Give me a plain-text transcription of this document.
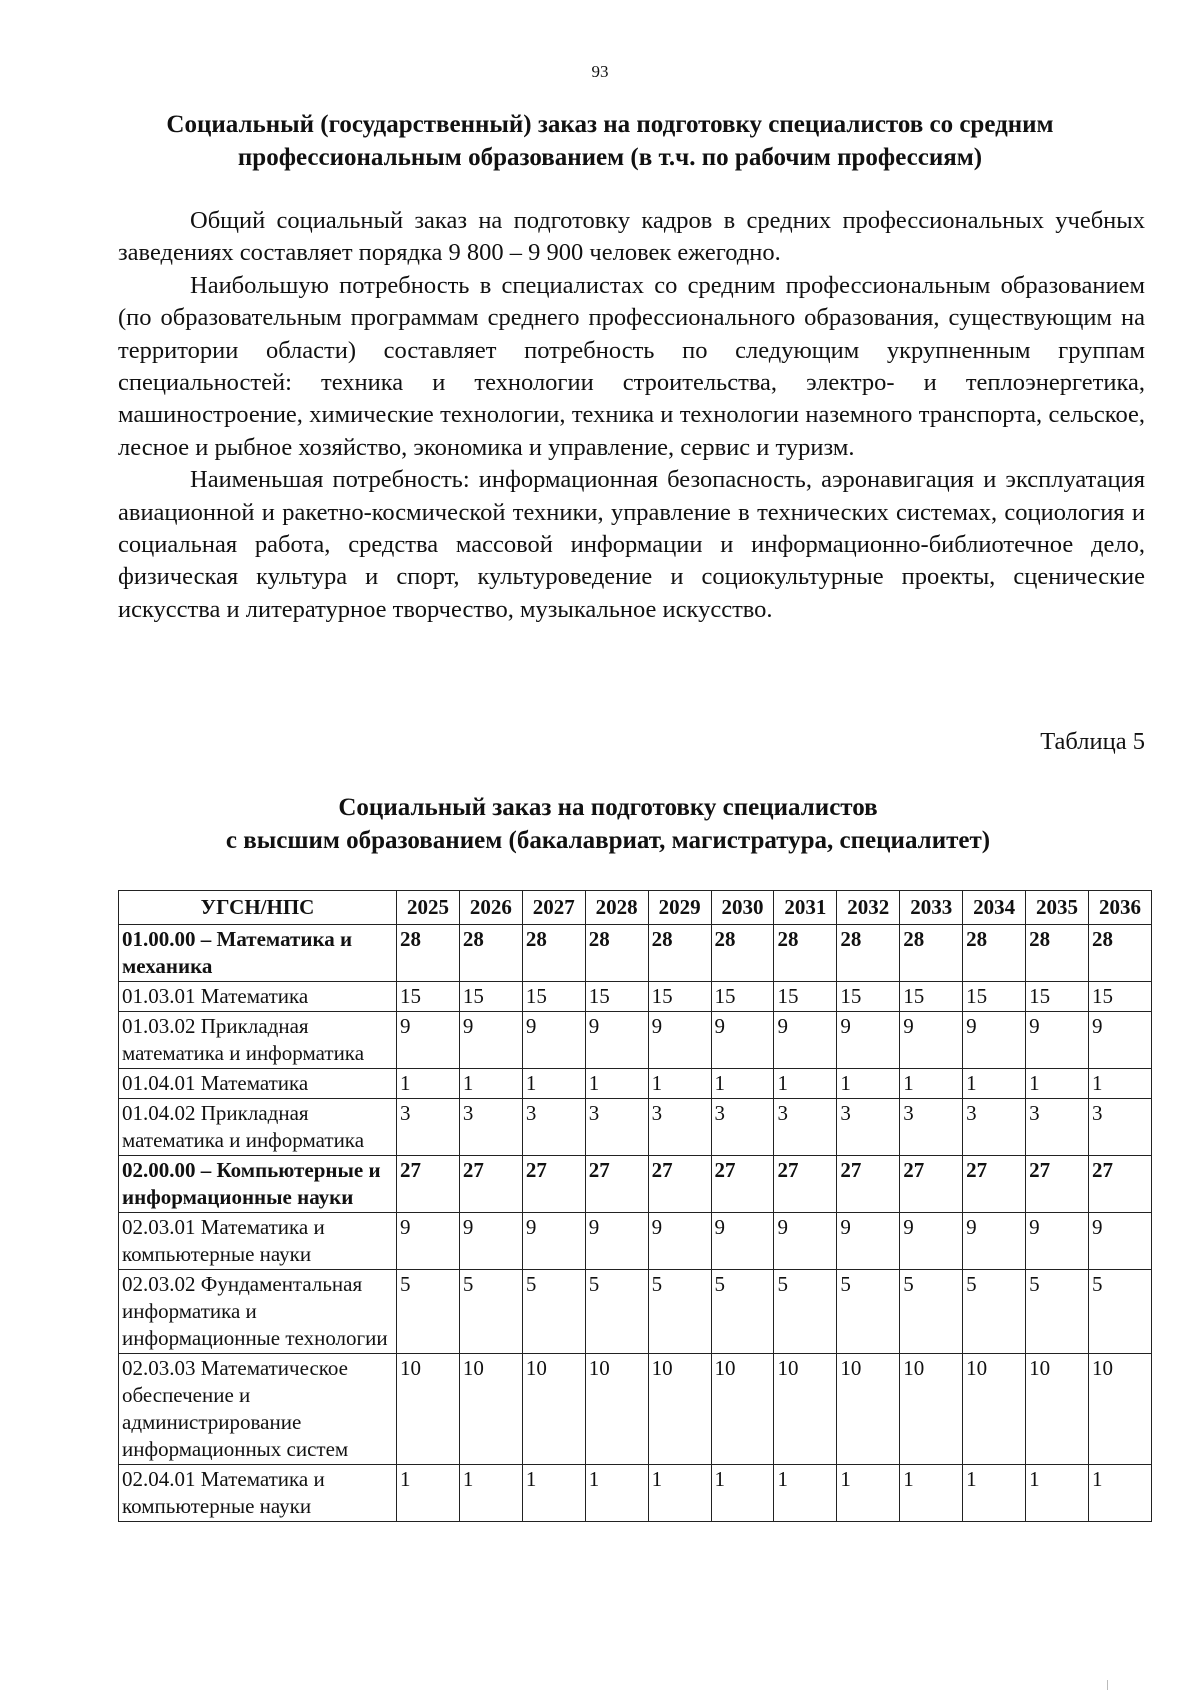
93
Социальный (государственный) заказ на подготовку специалистов со средним
профессиональным образованием (в т.ч. по рабочим профессиям)

Общий социальный заказ на подготовку кадров в средних профессиональных учебных заведениях составляет порядка 9 800 – 9 900 человек ежегодно.

Наибольшую потребность в специалистах со средним профессиональным образованием (по образовательным программам среднего профессионального образования, существующим на территории области) составляет потребность по следующим укрупненным группам специальностей: техника и технологии строительства, электро- и теплоэнергетика, машиностроение, химические технологии, техника и технологии наземного транспорта, сельское, лесное и рыбное хозяйство, экономика и управление, сервис и туризм.

Наименьшая потребность: информационная безопасность, аэронавигация и эксплуатация авиационной и ракетно-космической техники, управление в технических системах, социология и социальная работа, средства массовой информации и информационно-библиотечное дело, физическая культура и спорт, культуроведение и социокультурные проекты, сценические искусства и литературное творчество, музыкальное искусство.

Таблица 5
Социальный заказ на подготовку специалистов
с высшим образованием (бакалавриат, магистратура, специалитет)
УГСН/НПС	2025	2026	2027	2028	2029	2030	2031	2032	2033	2034	2035	2036
01.00.00 – Математика и механика	28	28	28	28	28	28	28	28	28	28	28	28
01.03.01 Математика	15	15	15	15	15	15	15	15	15	15	15	15
01.03.02 Прикладная математика и информатика	9	9	9	9	9	9	9	9	9	9	9	9
01.04.01 Математика	1	1	1	1	1	1	1	1	1	1	1	1
01.04.02 Прикладная математика и информатика	3	3	3	3	3	3	3	3	3	3	3	3
02.00.00 – Компьютерные и информационные науки	27	27	27	27	27	27	27	27	27	27	27	27
02.03.01 Математика и компьютерные науки	9	9	9	9	9	9	9	9	9	9	9	9
02.03.02 Фундаментальная информатика и информационные технологии	5	5	5	5	5	5	5	5	5	5	5	5
02.03.03 Математическое обеспечение и администрирование информационных систем	10	10	10	10	10	10	10	10	10	10	10	10
02.04.01 Математика и компьютерные науки	1	1	1	1	1	1	1	1	1	1	1	1
